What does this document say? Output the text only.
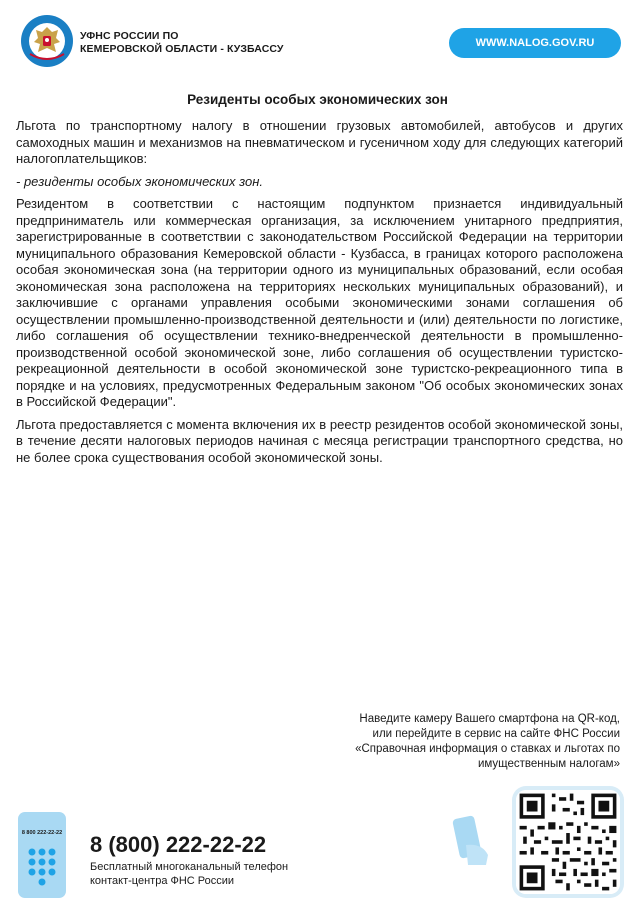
УФНС РОССИИ ПО
КЕМЕРОВСКОЙ ОБЛАСТИ - КУЗБАССУ	WWW.NALOG.GOV.RU
Резиденты особых экономических зон

Льгота по транспортному налогу в отношении грузовых автомобилей, автобусов и других самоходных машин и механизмов на пневматическом и гусеничном ходу для следующих категорий налогоплательщиков:

- резиденты особых экономических зон.

Резидентом в соответствии с настоящим подпунктом признается индивидуальный предприниматель или коммерческая организация, за исключением унитарного предприятия, зарегистрированные в соответствии с законодательством Российской Федерации на территории муниципального образования Кемеровской области - Кузбасса, в границах которого расположена особая экономическая зона (на территории одного из муниципальных образований, если особая экономическая зона расположена на территориях нескольких муниципальных образований), и заключившие с органами управления особыми экономическими зонами соглашения об осуществлении промышленно-производственной деятельности и (или) деятельности по логистике, либо соглашения об осуществлении технико-внедренческой деятельности в промышленно-производственной особой экономической зоне, либо соглашения об осуществлении туристско-рекреационной деятельности в особой экономической зоне туристско-рекреационного типа в порядке и на условиях, предусмотренных Федеральным законом "Об особых экономических зонах в Российской Федерации".

Льгота предоставляется с момента включения их в реестр резидентов особой экономической зоны, в течение десяти налоговых периодов начиная с месяца регистрации транспортного средства, но не более срока существования особой экономической зоны.

Наведите камеру Вашего смартфона на QR-код, или перейдите в сервис на сайте ФНС России «Справочная информация о ставках и льготах по имущественным налогам»
8 800 222-22-22 8 (800) 222-22-22
Бесплатный многоканальный телефон
контакт-центра ФНС России
